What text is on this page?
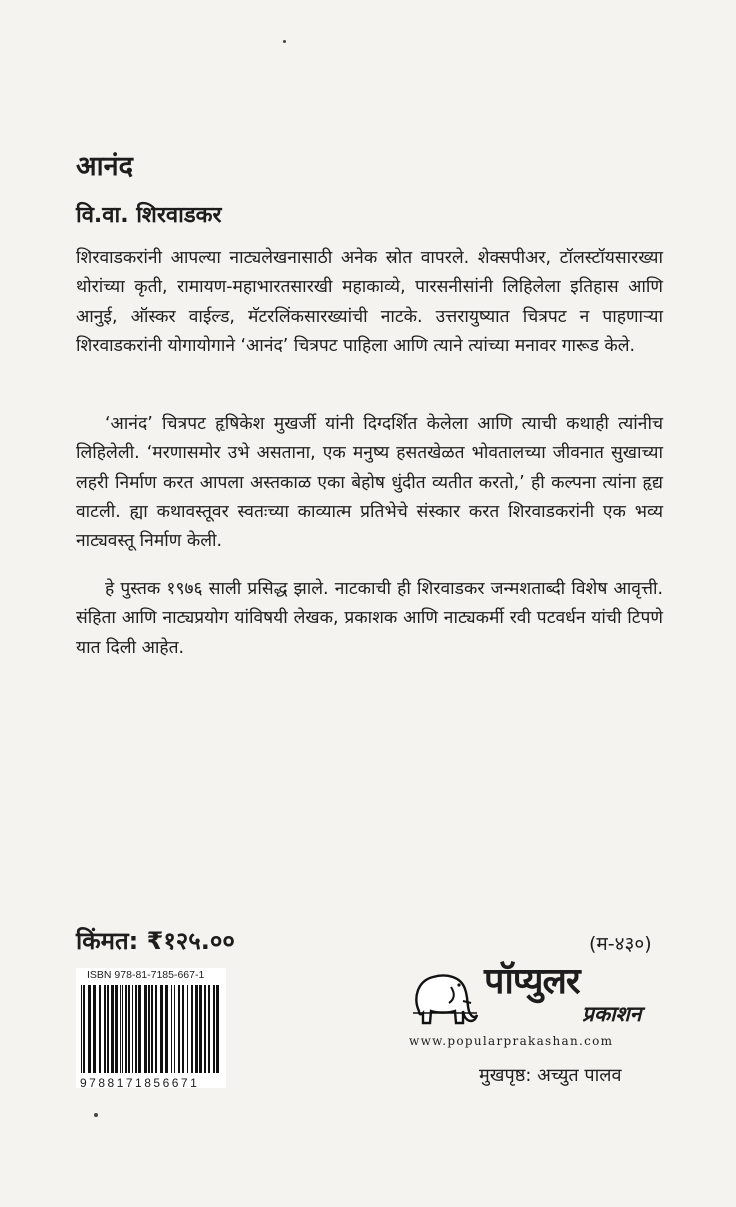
आनंद
वि.वा. शिरवाडकर

शिरवाडकरांनी आपल्या नाट्यलेखनासाठी अनेक स्रोत वापरले. शेक्सपीअर, टॉलस्टॉयसारख्या थोरांच्या कृती, रामायण-महाभारतसारखी महाकाव्ये, पारसनीसांनी लिहिलेला इतिहास आणि आनुई, ऑस्कर वाईल्ड, मॅटरलिंकसारख्यांची नाटके. उत्तरायुष्यात चित्रपट न पाहणाऱ्या शिरवाडकरांनी योगायोगाने ‘आनंद’ चित्रपट पाहिला आणि त्याने त्यांच्या मनावर गारूड केले.

‘आनंद’ चित्रपट हृषिकेश मुखर्जी यांनी दिग्दर्शित केलेला आणि त्याची कथाही त्यांनीच लिहिलेली. ‘मरणासमोर उभे असताना, एक मनुष्य हसतखेळत भोवतालच्या जीवनात सुखाच्या लहरी निर्माण करत आपला अस्तकाळ एका बेहोष धुंदीत व्यतीत करतो,’ ही कल्पना त्यांना हृद्य वाटली. ह्या कथावस्तूवर स्वतःच्या काव्यात्म प्रतिभेचे संस्कार करत शिरवाडकरांनी एक भव्य नाट्यवस्तू निर्माण केली.

हे पुस्तक १९७६ साली प्रसिद्ध झाले. नाटकाची ही शिरवाडकर जन्मशताब्दी विशेष आवृत्ती. संहिता आणि नाट्यप्रयोग यांविषयी लेखक, प्रकाशक आणि नाट्यकर्मी रवी पटवर्धन यांची टिपणे यात दिली आहेत.

किंमत: ₹१२५.००	(म-४३०)
ISBN 978-81-7185-667-1
9788171856671
पॉप्युलर
प्रकाशन
www.popularprakashan.com
मुखपृष्ठ: अच्युत पालव
